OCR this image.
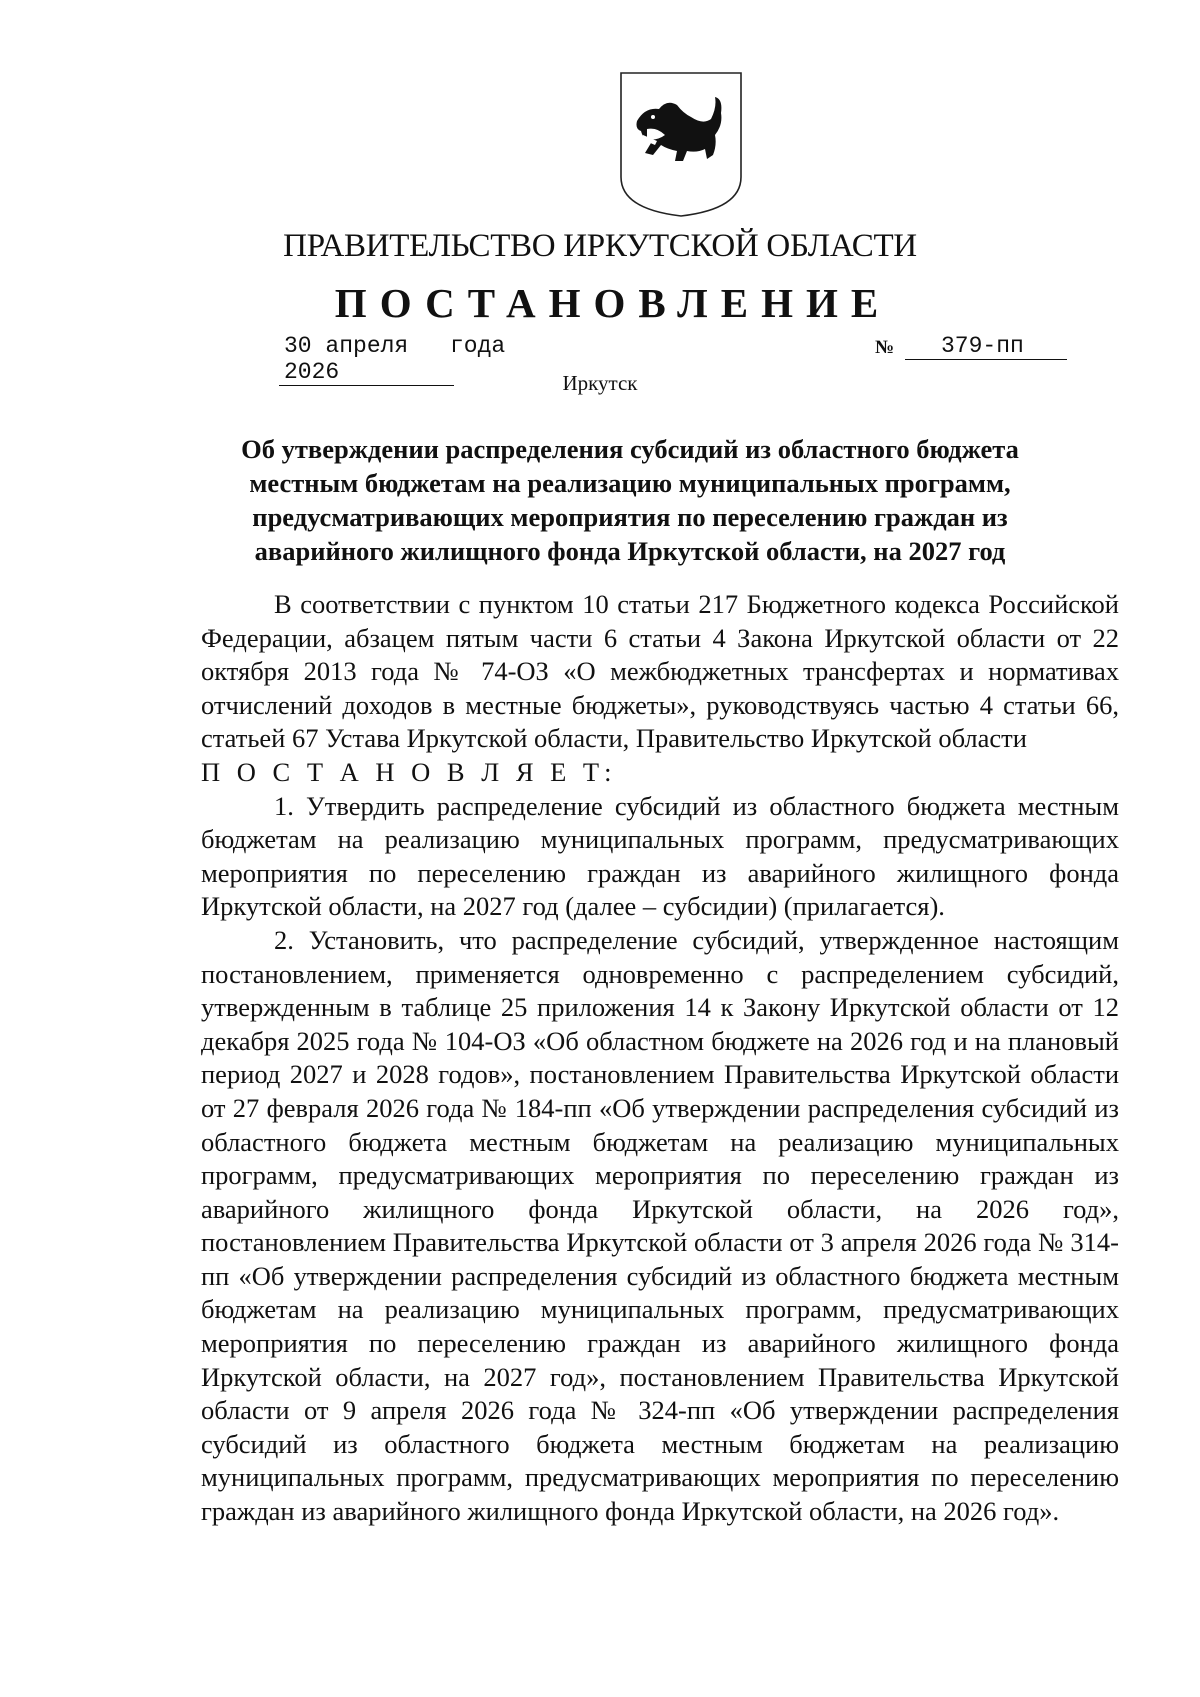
ПРАВИТЕЛЬСТВО ИРКУТСКОЙ ОБЛАСТИ
ПОСТАНОВЛЕНИЕ
30 апреля 2026
года	№	379-пп
Иркутск
Об утверждении распределения субсидий из областного бюджета
местным бюджетам на реализацию муниципальных программ,
предусматривающих мероприятия по переселению граждан из
аварийного жилищного фонда Иркутской области, на 2027 год

В соответствии с пунктом 10 статьи 217 Бюджетного кодекса Российской Федерации, абзацем пятым части 6 статьи 4 Закона Иркутской области от 22 октября 2013 года № 74-ОЗ «О межбюджетных трансфертах и нормативах отчислений доходов в местные бюджеты», руководствуясь частью 4 статьи 66, статьей 67 Устава Иркутской области, Правительство Иркутской области

П О С Т А Н О В Л Я Е Т:

1. Утвердить распределение субсидий из областного бюджета местным бюджетам на реализацию муниципальных программ, предусматривающих мероприятия по переселению граждан из аварийного жилищного фонда Иркутской области, на 2027 год (далее – субсидии) (прилагается).

2. Установить, что распределение субсидий, утвержденное настоящим постановлением, применяется одновременно с распределением субсидий, утвержденным в таблице 25 приложения 14 к Закону Иркутской области от 12 декабря 2025 года № 104-ОЗ «Об областном бюджете на 2026 год и на плановый период 2027 и 2028 годов», постановлением Правительства Иркутской области от 27 февраля 2026 года № 184-пп «Об утверждении распределения субсидий из областного бюджета местным бюджетам на реализацию муниципальных программ, предусматривающих мероприятия по переселению граждан из аварийного жилищного фонда Иркутской области, на 2026 год», постановлением Правительства Иркутской области от 3 апреля 2026 года № 314-пп «Об утверждении распределения субсидий из областного бюджета местным бюджетам на реализацию муниципальных программ, предусматривающих мероприятия по переселению граждан из аварийного жилищного фонда Иркутской области, на 2027 год», постановлением Правительства Иркутской области от 9 апреля 2026 года № 324-пп «Об утверждении распределения субсидий из областного бюджета местным бюджетам на реализацию муниципальных программ, предусматривающих мероприятия по переселению граждан из аварийного жилищного фонда Иркутской области, на 2026 год».
